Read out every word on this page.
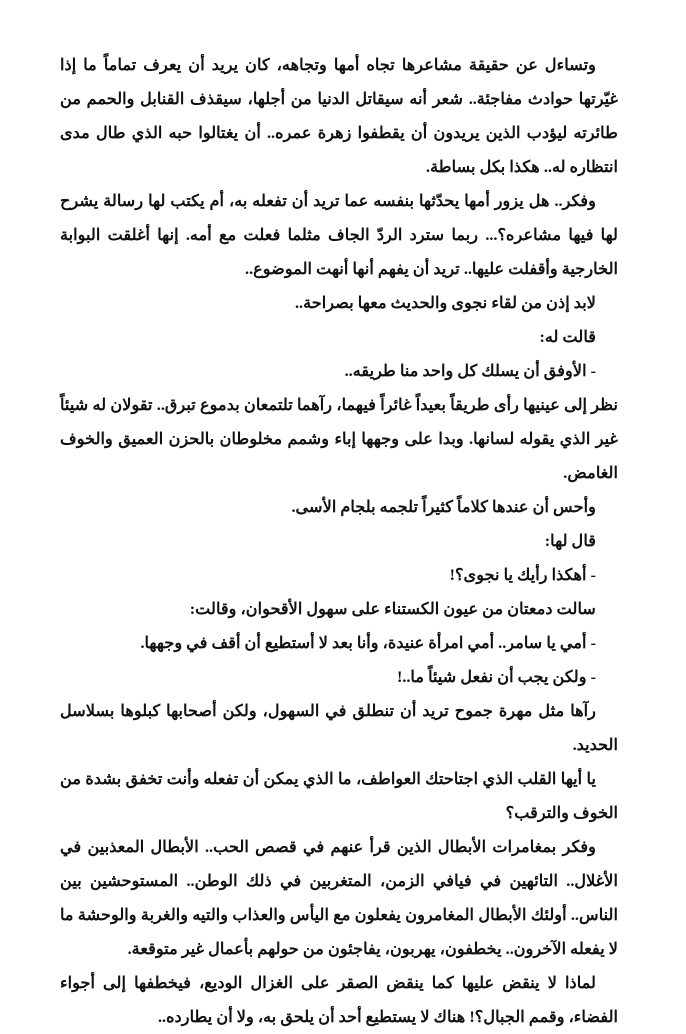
وتساءل عن حقيقة مشاعرها تجاه أمها وتجاهه، كان يريد أن يعرف تماماً ما إذا غيّرتها حوادث مفاجئة.. شعر أنه سيقاتل الدنيا من أجلها، سيقذف القنابل والحمم من طائرته ليؤدب الذين يريدون أن يقطفوا زهرة عمره.. أن يغتالوا حبه الذي طال مدى انتظاره له.. هكذا بكل بساطة.

وفكر.. هل يزور أمها يحدّثها بنفسه عما تريد أن تفعله به، أم يكتب لها رسالة يشرح لها فيها مشاعره؟... ربما سترد الردّ الجاف مثلما فعلت مع أمه. إنها أغلقت البوابة الخارجية وأقفلت عليها.. تريد أن يفهم أنها أنهت الموضوع..

لابد إذن من لقاء نجوى والحديث معها بصراحة..

قالت له:

- الأوفق أن يسلك كل واحد منا طريقه..

نظر إلى عينيها رأى طريقاً بعيداً غائراً فيهما، رآهما تلتمعان بدموع تبرق.. تقولان له شيئاً غير الذي يقوله لسانها. وبدا على وجهها إباء وشمم مخلوطان بالحزن العميق والخوف الغامض.

وأحس أن عندها كلاماً كثيراً تلجمه بلجام الأسى.

قال لها:

- أهكذا رأيك يا نجوى؟!

سالت دمعتان من عيون الكستناء على سهول الأقحوان، وقالت:

- أمي يا سامر.. أمي امرأة عنيدة، وأنا بعد لا أستطيع أن أقف في وجهها.

- ولكن يجب أن نفعل شيئاً ما..!

رآها مثل مهرة جموح تريد أن تنطلق في السهول، ولكن أصحابها كبلوها بسلاسل الحديد.

يا أيها القلب الذي اجتاحتك العواطف، ما الذي يمكن أن تفعله وأنت تخفق بشدة من الخوف والترقب؟

وفكر بمغامرات الأبطال الذين قرأ عنهم في قصص الحب.. الأبطال المعذبين في الأغلال.. التائهين في فيافي الزمن، المتغربين في ذلك الوطن.. المستوحشين بين الناس.. أولئك الأبطال المغامرون يفعلون مع اليأس والعذاب والتيه والغربة والوحشة ما لا يفعله الآخرون.. يخطفون، يهربون، يفاجئون من حولهم بأعمال غير متوقعة.

لماذا لا ينقض عليها كما ينقض الصقر على الغزال الوديع، فيخطفها إلى أجواء الفضاء، وقمم الجبال؟! هناك لا يستطيع أحد أن يلحق به، ولا أن يطارده..
